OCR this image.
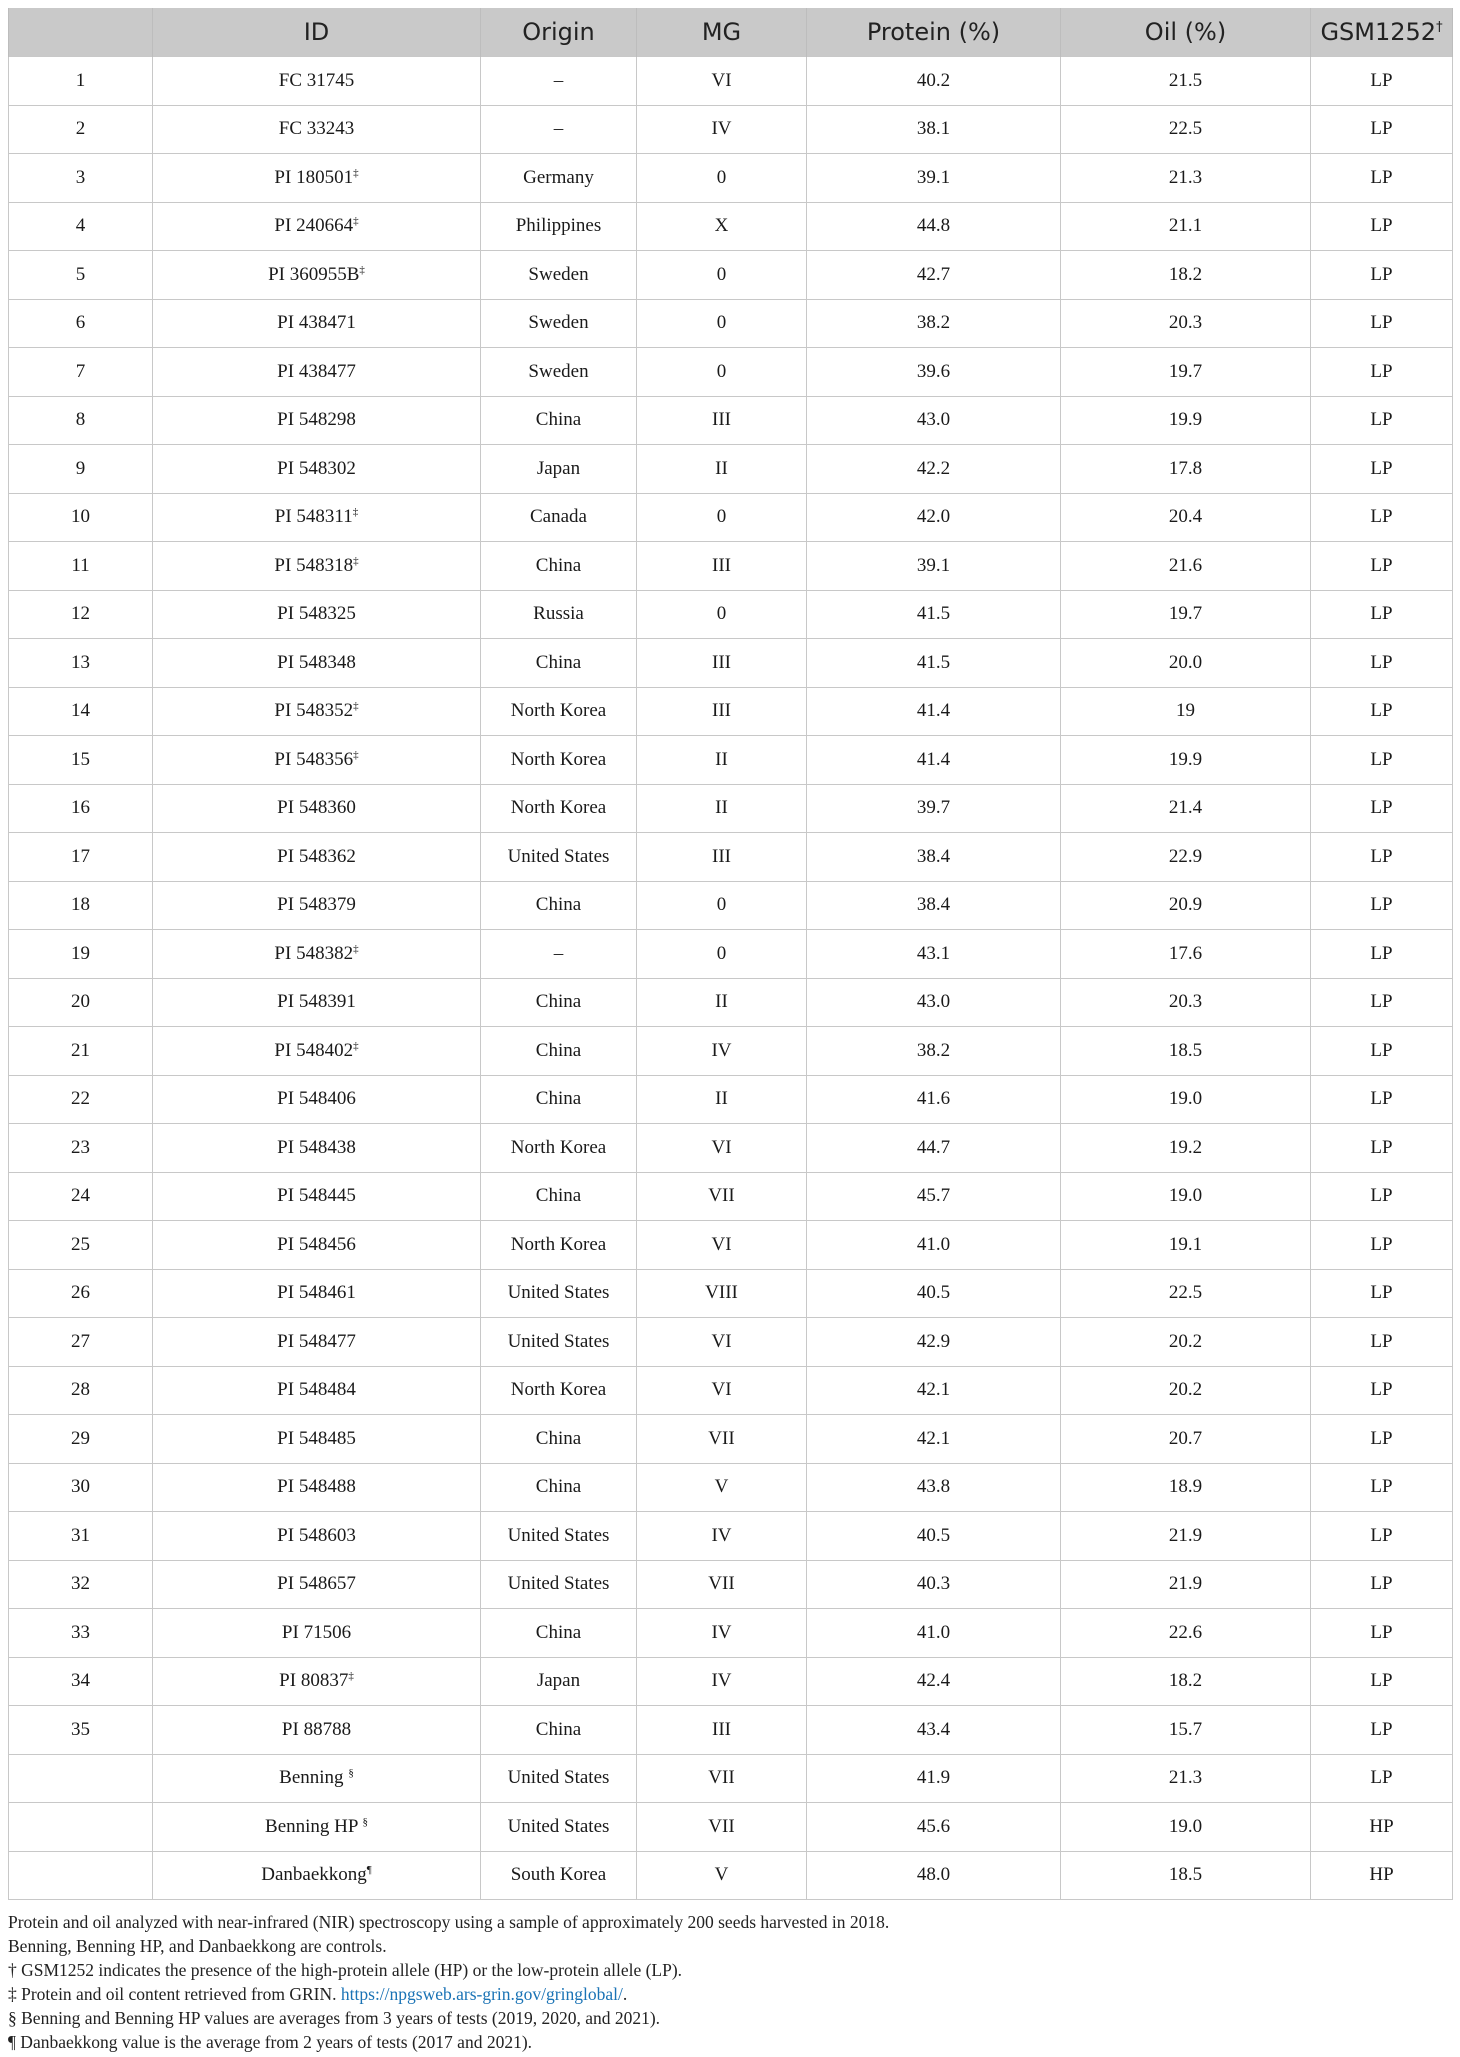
	ID	Origin	MG	Protein (%)	Oil (%)	GSM1252†
1	FC 31745	–	VI	40.2	21.5	LP
2	FC 33243	–	IV	38.1	22.5	LP
3	PI 180501‡	Germany	0	39.1	21.3	LP
4	PI 240664‡	Philippines	X	44.8	21.1	LP
5	PI 360955B‡	Sweden	0	42.7	18.2	LP
6	PI 438471	Sweden	0	38.2	20.3	LP
7	PI 438477	Sweden	0	39.6	19.7	LP
8	PI 548298	China	III	43.0	19.9	LP
9	PI 548302	Japan	II	42.2	17.8	LP
10	PI 548311‡	Canada	0	42.0	20.4	LP
11	PI 548318‡	China	III	39.1	21.6	LP
12	PI 548325	Russia	0	41.5	19.7	LP
13	PI 548348	China	III	41.5	20.0	LP
14	PI 548352‡	North Korea	III	41.4	19	LP
15	PI 548356‡	North Korea	II	41.4	19.9	LP
16	PI 548360	North Korea	II	39.7	21.4	LP
17	PI 548362	United States	III	38.4	22.9	LP
18	PI 548379	China	0	38.4	20.9	LP
19	PI 548382‡	–	0	43.1	17.6	LP
20	PI 548391	China	II	43.0	20.3	LP
21	PI 548402‡	China	IV	38.2	18.5	LP
22	PI 548406	China	II	41.6	19.0	LP
23	PI 548438	North Korea	VI	44.7	19.2	LP
24	PI 548445	China	VII	45.7	19.0	LP
25	PI 548456	North Korea	VI	41.0	19.1	LP
26	PI 548461	United States	VIII	40.5	22.5	LP
27	PI 548477	United States	VI	42.9	20.2	LP
28	PI 548484	North Korea	VI	42.1	20.2	LP
29	PI 548485	China	VII	42.1	20.7	LP
30	PI 548488	China	V	43.8	18.9	LP
31	PI 548603	United States	IV	40.5	21.9	LP
32	PI 548657	United States	VII	40.3	21.9	LP
33	PI 71506	China	IV	41.0	22.6	LP
34	PI 80837‡	Japan	IV	42.4	18.2	LP
35	PI 88788	China	III	43.4	15.7	LP
	Benning §	United States	VII	41.9	21.3	LP
	Benning HP §	United States	VII	45.6	19.0	HP
	Danbaekkong¶	South Korea	V	48.0	18.5	HP
Protein and oil analyzed with near-infrared (NIR) spectroscopy using a sample of approximately 200 seeds harvested in 2018.
Benning, Benning HP, and Danbaekkong are controls.
† GSM1252 indicates the presence of the high-protein allele (HP) or the low-protein allele (LP).
‡ Protein and oil content retrieved from GRIN. https://npgsweb.ars-grin.gov/gringlobal/.
§ Benning and Benning HP values are averages from 3 years of tests (2019, 2020, and 2021).
¶ Danbaekkong value is the average from 2 years of tests (2017 and 2021).
